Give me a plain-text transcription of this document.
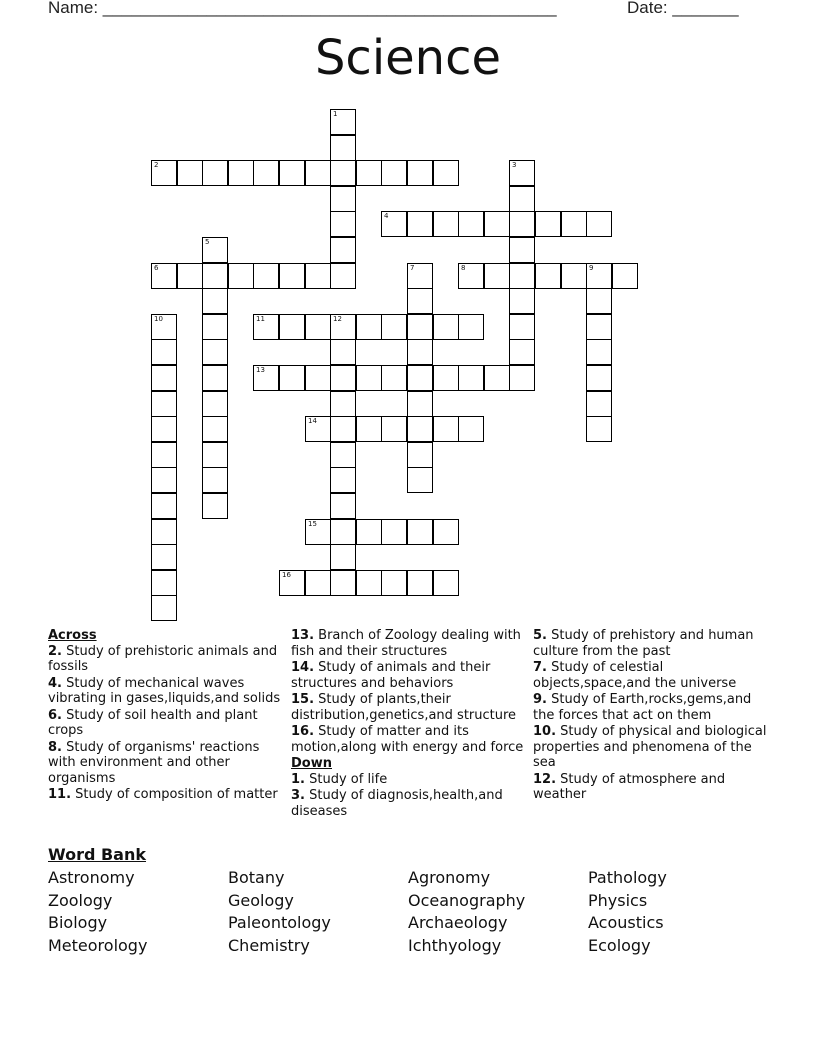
Name: ________________________________________________	Date: _______
Science
1
2	3
4
5
6	7	8	9
10	11	12
13
14
15
16
Across
2. Study of prehistoric animals and fossils
4. Study of mechanical waves vibrating in gases,liquids,and solids
6. Study of soil health and plant crops
8. Study of organisms' reactions with environment and other organisms
11. Study of composition of matter
13. Branch of Zoology dealing with fish and their structures
14. Study of animals and their structures and behaviors
15. Study of plants,their distribution,genetics,and structure
16. Study of matter and its motion,along with energy and force
Down
1. Study of life
3. Study of diagnosis,health,and diseases
5. Study of prehistory and human culture from the past
7. Study of celestial objects,space,and the universe
9. Study of Earth,rocks,gems,and the forces that act on them
10. Study of physical and biological properties and phenomena of the sea
12. Study of atmosphere and weather
Word Bank
Astronomy
Zoology
Biology
Meteorology
Botany
Geology
Paleontology
Chemistry
Agronomy
Oceanography
Archaeology
Ichthyology
Pathology
Physics
Acoustics
Ecology
